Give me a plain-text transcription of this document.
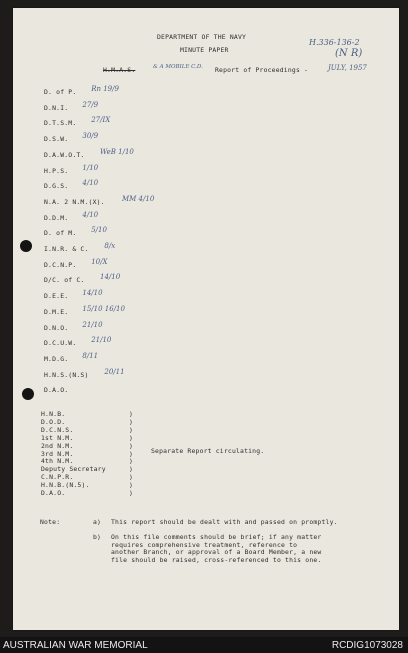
DEPARTMENT OF THE NAVY
MINUTE PAPER
H.336-136-2
(N R)
H.M.A.S.	& A MOBILE C.D. Report of Proceedings -	JULY, 1957
D. of P. Rn 19/9
D.N.I. 27/9
D.T.S.M. 27/IX
D.S.W. 30/9
D.A.W.O.T. WeB 1/10
H.P.S. 1/10
D.G.S. 4/10
N.A. 2 N.M.(X). MM 4/10
D.D.M. 4/10
D. of M. 5/10
I.N.R. & C. 8/x
D.C.N.P. 10/X
D/C. of C. 14/10
D.E.E. 14/10
D.M.E. 15/10 16/10
D.N.O. 21/10
D.C.U.W. 21/10
M.D.G. 8/11
H.N.S.(N.S) 20/11
D.A.O.
H.N.B.	)
D.O.D.	)
D.C.N.S.	)
1st N.M.	)
2nd N.M.	)
3rd N.M.	)
4th N.M.	)
Deputy Secretary	)
C.N.P.R.	)
H.N.B.(N.5).	)
D.A.O.	)
Separate Report circulating.
Note:	a) This report should be dealt with and passed on promptly.
b) On this file comments should be brief; if any matter
requires comprehensive treatment, reference to
another Branch, or approval of a Board Member, a new
file should be raised, cross-referenced to this one.
AUSTRALIAN WAR MEMORIAL	RCDIG1073028
